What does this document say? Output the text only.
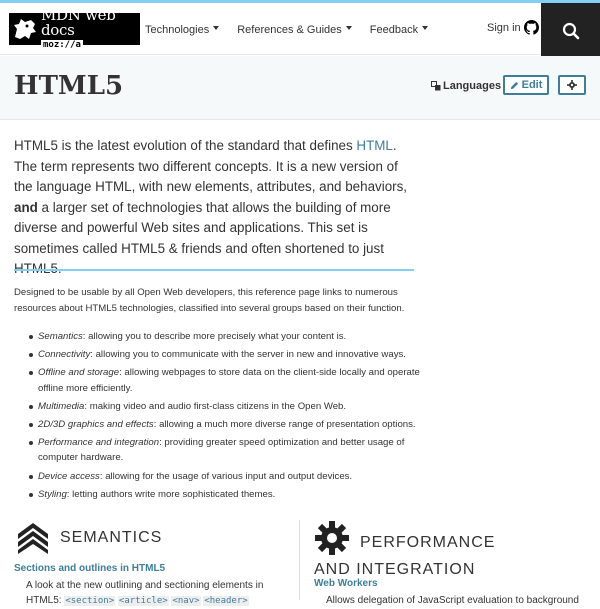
MDN web docs
moz://a
Technologies	References & Guides	Feedback	Sign in
HTML5	Languages Edit

HTML5 is the latest evolution of the standard that defines HTML. The term represents two different concepts. It is a new version of the language HTML, with new elements, attributes, and behaviors, and a larger set of technologies that allows the building of more diverse and powerful Web sites and applications. This set is sometimes called HTML5 & friends and often shortened to just

Designed to be usable by all Open Web developers, this reference page links to numerous resources about HTML5 technologies, classified into several groups based on their function.

Semantics: allowing you to describe more precisely what your content is.
Connectivity: allowing you to communicate with the server in new and innovative ways.
Offline and storage: allowing webpages to store data on the client-side locally and operate offline more efficiently.
Multimedia: making video and audio first-class citizens in the Open Web.
2D/3D graphics and effects: allowing a much more diverse range of presentation options.
Performance and integration: providing greater speed optimization and better usage of computer hardware.
Device access: allowing for the usage of various input and output devices.
Styling: letting authors write more sophisticated themes.
SEMANTICS
Sections and outlines in HTML5

A look at the new outlining and sectioning elements in

HTML5: <section> <article> <nav> <header>

PERFORMANCE
AND INTEGRATION
Web Workers

Allows delegation of JavaScript evaluation to background
